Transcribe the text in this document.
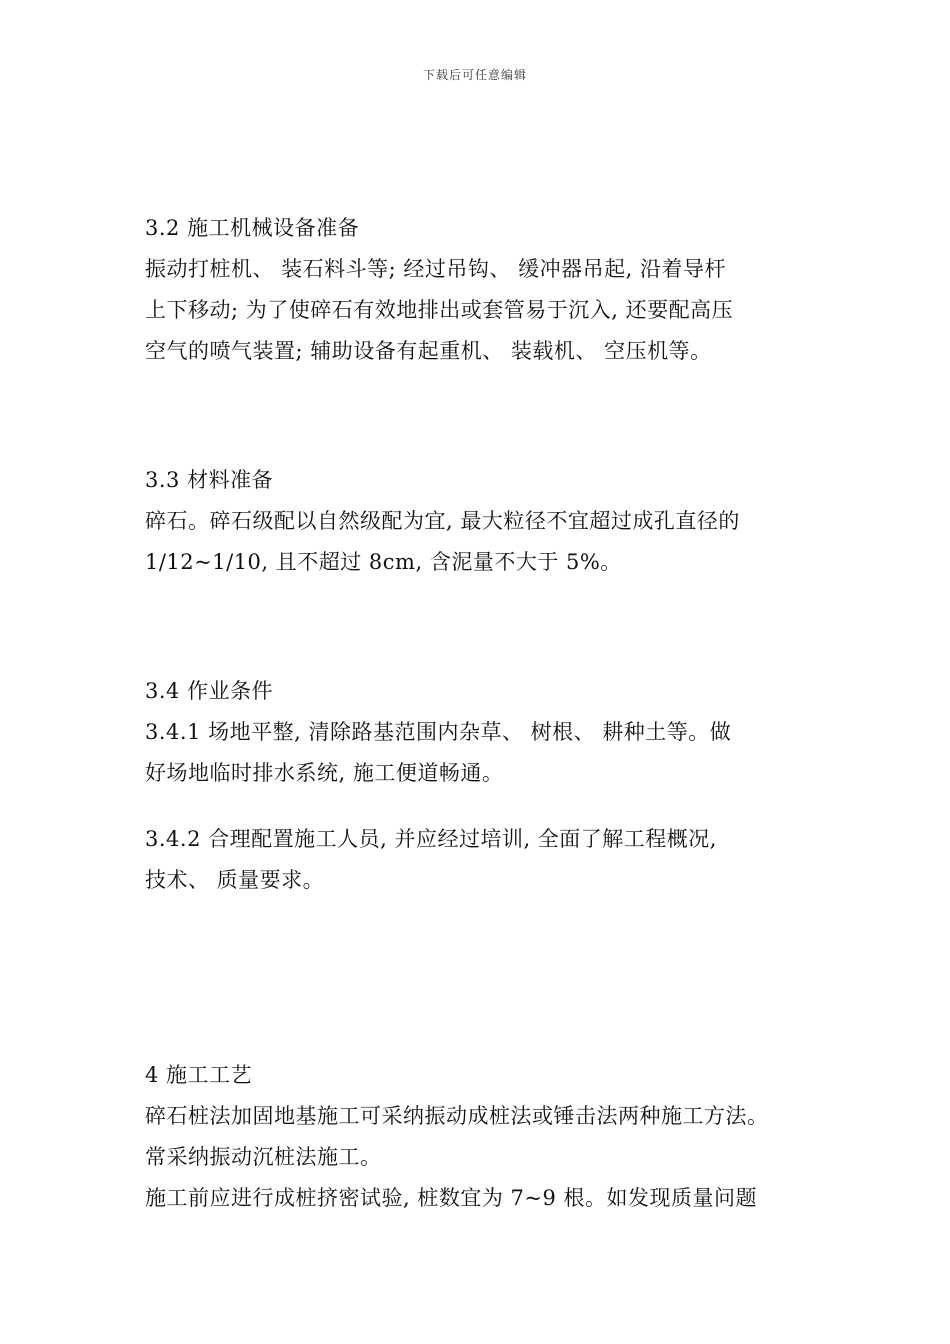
下载后可任意编辑
3.2 施工机械设备准备
振动打桩机、 装石料斗等; 经过吊钩、 缓冲器吊起, 沿着导杆
上下移动; 为了使碎石有效地排出或套管易于沉入, 还要配高压
空气的喷气装置; 辅助设备有起重机、 装载机、 空压机等。
3.3 材料准备
碎石。碎石级配以自然级配为宜, 最大粒径不宜超过成孔直径的
1/12~1/10, 且不超过 8cm, 含泥量不大于 5%。
3.4 作业条件
3.4.1 场地平整, 清除路基范围内杂草、 树根、 耕种土等。做
好场地临时排水系统, 施工便道畅通。
3.4.2 合理配置施工人员, 并应经过培训, 全面了解工程概况,
技术、 质量要求。
4 施工工艺
碎石桩法加固地基施工可采纳振动成桩法或锤击法两种施工方法。
常采纳振动沉桩法施工。
施工前应进行成桩挤密试验, 桩数宜为 7~9 根。如发现质量问题
